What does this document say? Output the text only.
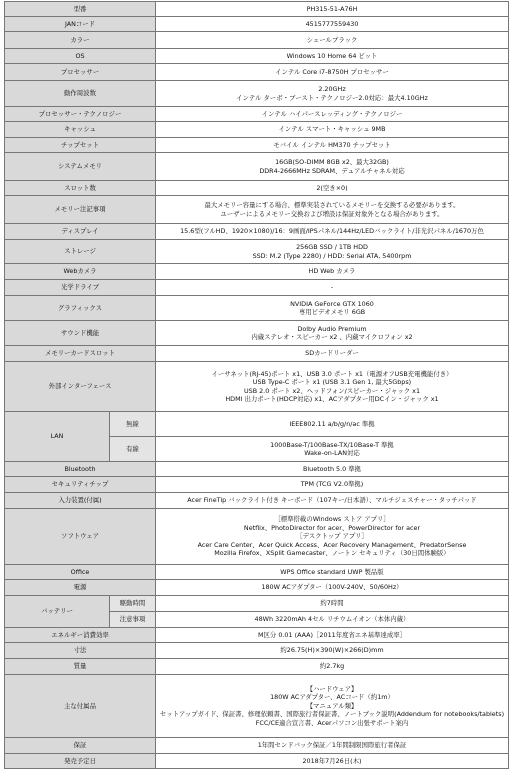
型番		PH315-51-A76H

JANコード		4515777559430

カラー		シェールブラック

OS		Windows 10 Home 64 ビット

プロセッサー		インテル Core i7-8750H プロセッサー

動作周波数		2.20GHz
インテル ターボ・ブースト・テクノロジー2.0対応：最大4.10GHz

プロセッサー・テクノロジー		インテル ハイパースレッディング・テクノロジー

キャッシュ		インテル スマート・キャッシュ 9MB

チップセット		モバイル インテル HM370 チップセット

システムメモリ		16GB(SO-DIMM 8GB x2、最大32GB)
DDR4-2666MHz SDRAM、デュアルチャネル対応

スロット数		2(空き×0)

メモリー注記事項		最大メモリー容量にする場合、標準実装されているメモリーを交換する必要があります。
ユーザーによるメモリー交換および増設は保証対象外となる場合があります。

ディスプレイ		15.6型(フルHD、1920×1080)/16：9画面/IPSパネル/144Hz/LEDバックライト/非光沢パネル/1670万色

ストレージ		256GB SSD / 1TB HDD
SSD: M.2 (Type 2280) / HDD: Serial ATA, 5400rpm

Webカメラ		HD Web カメラ

光学ドライブ		-

グラフィックス		NVIDIA GeForce GTX 1060
専用ビデオメモリ 6GB

サウンド機能		Dolby Audio Premium
内蔵ステレオ・スピーカー x2 、内蔵マイクロフォン x2

メモリーカードスロット		SDカードリーダー

外部インターフェース		イーサネット(RJ-45)ポート x1、USB 3.0 ポート x1（電源オフUSB充電機能付き）
USB Type-C ポート x1 (USB 3.1 Gen 1, 最大5Gbps)
USB 2.0 ポート x2、ヘッドフォン/スピーカー・ジャック x1
HDMI 出力ポート(HDCP対応) x1、ACアダプター用DCイン・ジャック x1

LAN	無線	IEEE802.11 a/b/g/n/ac 準拠

	有線	1000Base-T/100Base-TX/10Base-T 準拠
Wake-on-LAN対応

Bluetooth		Bluetooth 5.0 準拠

セキュリティチップ		TPM (TCG V2.0準拠)

入力装置(付属)		Acer FineTip バックライト付き キーボード（107キー/日本語）、マルチジェスチャー・タッチパッド

ソフトウェア		［標準搭載のWindows ストア アプリ］
Netflix、PhotoDirector for acer、PowerDirector for acer
［デスクトップ アプリ］
Acer Care Center、Acer Quick Access、Acer Recovery Management、PredatorSense
Mozilla Firefox、XSplit Gamecaster、ノートン セキュリティ（30日間体験版）

Office		WPS Office standard UWP 製品版

電源		180W ACアダプター（100V-240V、50/60Hz）

バッテリー	駆動時間	約7時間

	注意事項	48Wh 3220mAh 4セル リチウムイオン（本体内蔵）

エネルギー消費効率		M区分 0.01 (AAA)［2011年度省エネ基準達成率］

寸法		約26.75(H)×390(W)×266(D)mm

質量		約2.7kg

主な付属品		【ハードウェア】
180W ACアダプター、ACコード（約1m）
【マニュアル類】
セットアップガイド、保証書、修理依頼書、国際旅行者保証書、ノートブック説明(Addendum for notebooks/tablets)
FCC/CE適合宣言書、Acerパソコン出張サポート案内

保証		1年間センドバック保証／1年間制限国際旅行者保証

発売予定日		2018年7月26日(木)
